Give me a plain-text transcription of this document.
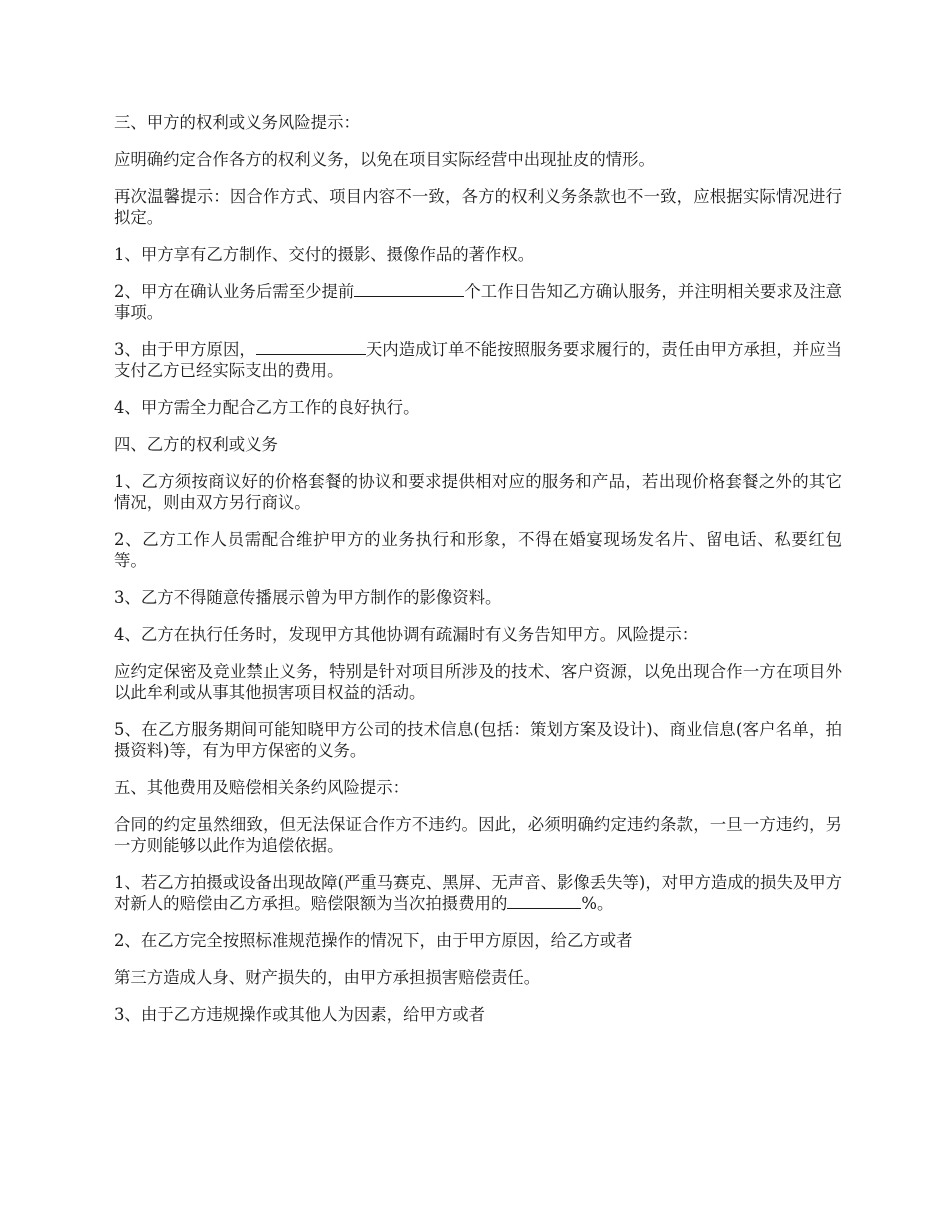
三、甲方的权利或义务风险提示：

应明确约定合作各方的权利义务，以免在项目实际经营中出现扯皮的情形。

再次温馨提示：因合作方式、项目内容不一致，各方的权利义务条款也不一致，应根据实际情况进行拟定。

1、甲方享有乙方制作、交付的摄影、摄像作品的著作权。

2、甲方在确认业务后需至少提前	个工作日告知乙方确认服务，并注明相关要求及注意事项。

3、由于甲方原因，	天内造成订单不能按照服务要求履行的，责任由甲方承担，并应当支付乙方已经实际支出的费用。

4、甲方需全力配合乙方工作的良好执行。

四、乙方的权利或义务

1、乙方须按商议好的价格套餐的协议和要求提供相对应的服务和产品，若出现价格套餐之外的其它情况，则由双方另行商议。

2、乙方工作人员需配合维护甲方的业务执行和形象，不得在婚宴现场发名片、留电话、私要红包等。

3、乙方不得随意传播展示曾为甲方制作的影像资料。

4、乙方在执行任务时，发现甲方其他协调有疏漏时有义务告知甲方。风险提示：

应约定保密及竞业禁止义务，特别是针对项目所涉及的技术、客户资源，以免出现合作一方在项目外以此牟利或从事其他损害项目权益的活动。

5、在乙方服务期间可能知晓甲方公司的技术信息(包括：策划方案及设计)、商业信息(客户名单，拍摄资料)等，有为甲方保密的义务。

五、其他费用及赔偿相关条约风险提示：

合同的约定虽然细致，但无法保证合作方不违约。因此，必须明确约定违约条款，一旦一方违约，另一方则能够以此作为追偿依据。

1、若乙方拍摄或设备出现故障(严重马赛克、黑屏、无声音、影像丢失等)，对甲方造成的损失及甲方对新人的赔偿由乙方承担。赔偿限额为当次拍摄费用的	%。

2、在乙方完全按照标准规范操作的情况下，由于甲方原因，给乙方或者

第三方造成人身、财产损失的，由甲方承担损害赔偿责任。

3、由于乙方违规操作或其他人为因素，给甲方或者
